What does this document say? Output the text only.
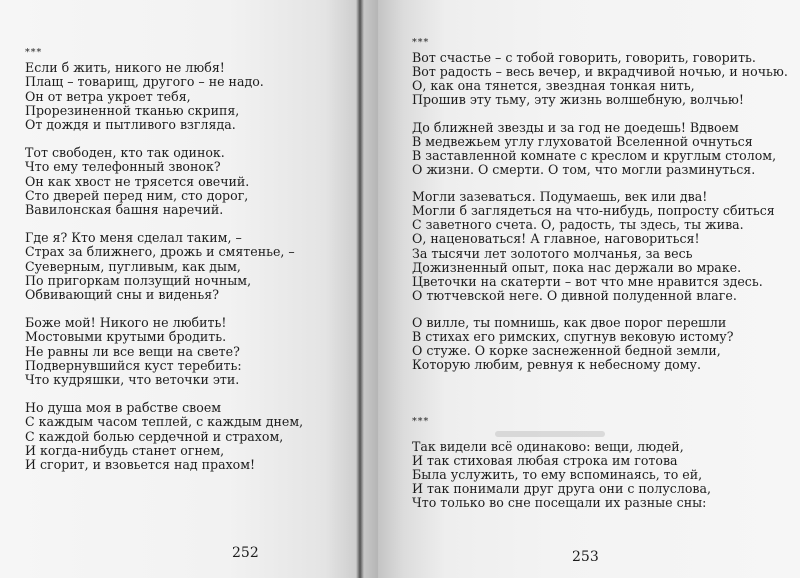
***
Если б жить, никого не любя!
Плащ – товарищ, другого – не надо.
Он от ветра укроет тебя,
Прорезиненной тканью скрипя,
От дождя и пытливого взгляда.
Тот свободен, кто так одинок.
Что ему телефонный звонок?
Он как хвост не трясется овечий.
Сто дверей перед ним, сто дорог,
Вавилонская башня наречий.
Где я? Кто меня сделал таким, –
Страх за ближнего, дрожь и смятенье, –
Суеверным, пугливым, как дым,
По пригоркам ползущий ночным,
Обвивающий сны и виденья?
Боже мой! Никого не любить!
Мостовыми крутыми бродить.
Не равны ли все вещи на свете?
Подвернувшийся куст теребить:
Что кудряшки, что веточки эти.
Но душа моя в рабстве своем
С каждым часом теплей, с каждым днем,
С каждой болью сердечной и страхом,
И когда-нибудь станет огнем,
И сгорит, и взовьется над прахом!
252
***
Вот счастье – с тобой говорить, говорить, говорить.
Вот радость – весь вечер, и вкрадчивой ночью, и ночью.
О, как она тянется, звездная тонкая нить,
Прошив эту тьму, эту жизнь волшебную, волчью!
До ближней звезды и за год не доедешь! Вдвоем
В медвежьем углу глуховатой Вселенной очнуться
В заставленной комнате с креслом и круглым столом,
О жизни. О смерти. О том, что могли разминуться.
Могли зазеваться. Подумаешь, век или два!
Могли б заглядеться на что-нибудь, попросту сбиться
С заветного счета. О, радость, ты здесь, ты жива.
О, наценоваться! А главное, наговориться!
За тысячи лет золотого молчанья, за весь
Дожизненный опыт, пока нас держали во мраке.
Цветочки на скатерти – вот что мне нравится здесь.
О тютчевской неге. О дивной полуденной влаге.
О вилле, ты помнишь, как двое порог перешли
В стихах его римских, спугнув вековую истому?
О стуже. О корке заснеженной бедной земли,
Которую любим, ревнуя к небесному дому.
***
Так видели всё одинаково: вещи, людей,
И так стиховая любая строка им готова
Была услужить, то ему вспоминаясь, то ей,
И так понимали друг друга они с полуслова,
Что только во сне посещали их разные сны:
253
